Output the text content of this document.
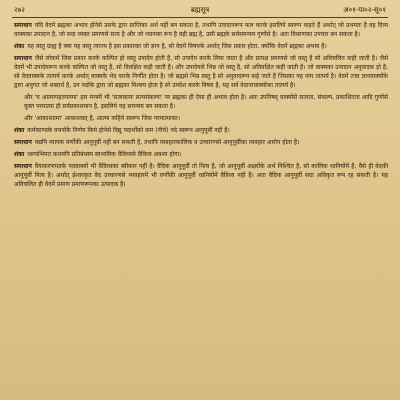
२७२	ब्रह्मसूत्र	अ०१-पा०२-सू०१

समाधान यदि वेदमें ब्रह्मका अभाव होनेसे उसके द्वारा प्राप्तिका अर्थ नहीं बन सकता है, तथापि उपादानरूप फल करके इसलिये स्वरूप कहते हैं अर्थात् जो प्रथमतः है वह दिव्य वाक्यका उपादान है, जो सदा व्यक्त प्रमाणसे सत्य है और जो ध्यानका रूप है वही ब्रह्म है, उसी ब्रह्मके सर्वसमन्वय गुणोंसे है। अतः विवरणका उपचार बन सकता है।

शंका यह वस्तु ग्राह्य है क्या यह वस्तु त्याज्य है इस प्रकारका जो ज्ञान है, सो वेदमें विषयके अर्थात् जिस प्रकार होता, क्योंकि वेदमें ब्रह्मका अभाव है।

समाधान जैसे लोकमें जिस प्रकार करके कल्पित हो वस्तु उपादेय होती है, सो उपादेय करके लिया जाता है और प्रत्यक्ष प्रमाणसे जो वस्तु है सो अविचलित कही जाती है। जैसे वेदमें भी उपादेयरूप करके कल्पित जो वस्तु है, सो विवक्षित कही जाती है। और उपादेयसे भिन्न जो वस्तु है, सो अविवक्षित कही जाती है। जो वाक्यका उपादान अनुवादक हो है, सो वेदवाक्यके तात्पर्य करके अर्थात् वाक्यके भेद करके निर्णीत होता है। जो ब्रह्मसे भिन्न वस्तु है सो अनुवादरूप कहे जाते हैं जिसका यह नाम तात्पर्य है। वेदमें तत्त्व ज्ञानवाक्योंके द्वारा अनुगत जो शब्दार्थ है, उन पदोंके द्वारा जो ब्रह्मका निश्चय होता है सो उपदेश करके विषय है, यह सर्व वेदान्तवाक्योंका तात्पर्य है।

और 'य आत्मापहतपाप्मा' इस मन्त्रमें भी 'सत्यकामः सत्यसंकल्पः' पर ब्रह्मका ही ऐसा ही अभाव होता है। अतः उपनिषद् वाक्योंसे सत्यता, संकल्प, प्रकाशितता आदि गुणोंसे युक्त परमात्मा ही सर्वप्रकाशमान है, इसलिये यह समन्वय बन सकता है।

और 'आकाशात्मा' आकाशवत् है, आत्मा कहिये स्वरूप जिस परमात्माका।

शंका कर्मकाण्डके वचनोंके निर्णय किये होनेसे विद्यु पदार्थोंको कम (नीचे) पदे स्वरूप आनुपूर्वी नहीं है।

समाधान यद्यपि व्यापक वर्णोंकी आनुपूर्वी नहीं बन सकती है, तथापि व्यवहारकालिक व उच्चारणसे आनुपूर्वीका व्यवहार आरोप होता है।

शंका ध्वन्यभिमत कथमपि प्रतिबंधस्य स्वभाविक वैविध्यसे वैविध्य अवश्य होगा।

समाधान वैयाकरणमतके पदवाक्यों भी वैविध्यका स्वीकार नहीं है। वैदिक आनुपूर्वी तो नित्य है, जो आनुपूर्वी अक्षरोंके अर्थ निश्चित है, सो कालिक ध्वनियोंमें है, वैसे ही वेदकी आनुपूर्वी नित्य है। अर्थात् ईश्वरकृत वेद उच्चारणसे व्यवहारमें भी वर्णोंकी आनुपूर्वी ध्वनियोंमें वैविध्य नहीं है। अतः वैदिक आनुपूर्वी सदा अविकृत रूप रह सकती है। यह अविचलित ही वेदमें प्रमाण प्रमाणरूपका उत्पादक है।
